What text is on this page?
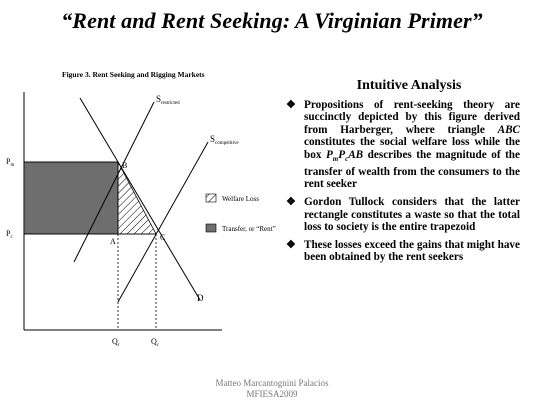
“Rent and Rent Seeking: A Virginian Primer”
Figure 3. Rent Seeking and Rigging Markets
$S_{restricted}$
$S_{competitive}$
D
B
A	C
$P_m$
$P_c$
$Q_r$	$Q_c$
Welfare Loss
Transfer, or “Rent”
Intuitive Analysis
❖ Propositions of rent-seeking theory are succinctly depicted by this figure derived from Harberger, where triangle ABC constitutes the social welfare loss while the box $P_mP_cAB$ describes the magnitude of the transfer of wealth from the consumers to the rent seeker
❖ Gordon Tullock considers that the latter rectangle constitutes a waste so that the total loss to society is the entire trapezoid
❖ These losses exceed the gains that might have been obtained by the rent seekers
Matteo Marcantognini Palacios
MFIESA2009
